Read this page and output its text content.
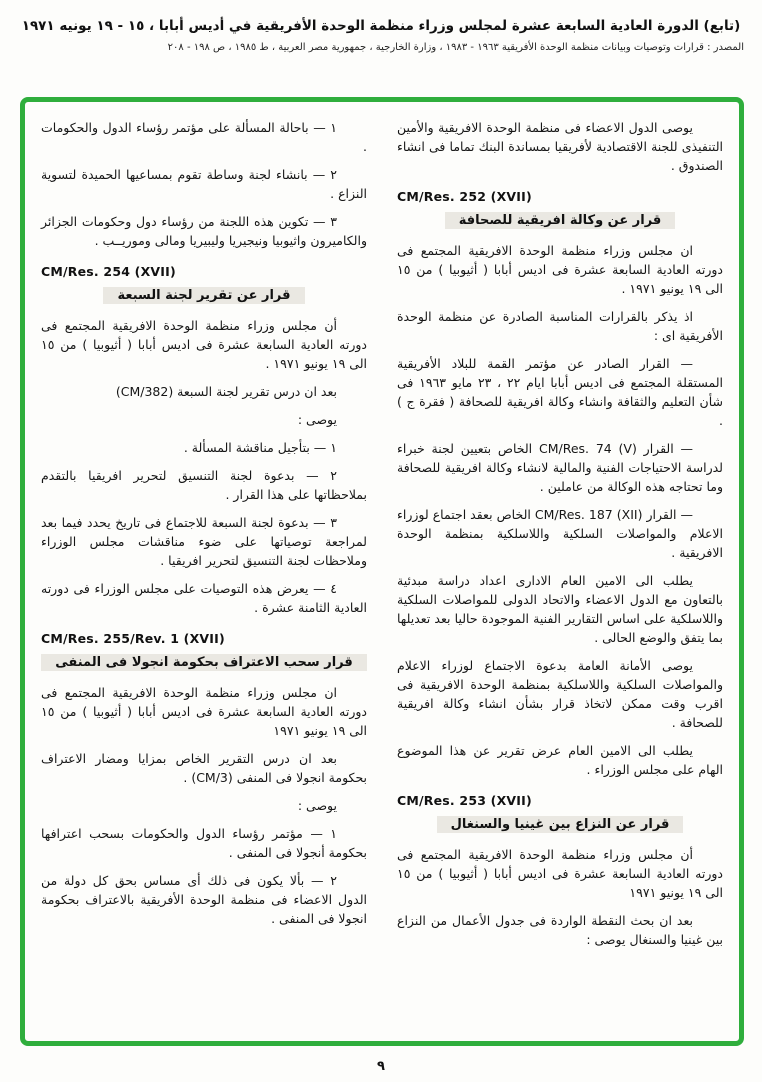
(تابع) الدورة العادية السابعة عشرة لمجلس وزراء منظمة الوحدة الأفريقية في أديس أبابا ، ١٥ - ١٩ يونيه ١٩٧١
المصدر : قرارات وتوصيات وبيانات منظمة الوحدة الأفريقية ١٩٦٣ - ١٩٨٣ ، وزارة الخارجية ، جمهورية مصر العربية ، ط ١٩٨٥ ، ص ١٩٨ - ٢٠٨
يوصى الدول الاعضاء فى منظمة الوحدة الافريقية والأمين التنفيذى للجنة الاقتصادية لأفريقيا بمساندة البنك تماما فى انشاء الصندوق .
CM/Res. 252 (XVII)
قرار عن وكالة افريقية للصحافة
ان مجلس وزراء منظمة الوحدة الافريقية المجتمع فى دورته العادية السابعة عشرة فى اديس أبابا ( أثيوبيا ) من ١٥ الى ١٩ يونيو ١٩٧١ .
اذ يذكر بالقرارات المناسبة الصادرة عن منظمة الوحدة الأفريقية اى :
— القرار الصادر عن مؤتمر القمة للبلاد الأفريقية المستقلة المجتمع فى اديس أبابا ايام ٢٢ ، ٢٣ مايو ١٩٦٣ فى شأن التعليم والثقافة وانشاء وكالة افريقية للصحافة ( فقرة ج ) .
— القرار CM/Res. 74 (V) الخاص بتعيين لجنة خبراء لدراسة الاحتياجات الفنية والمالية لانشاء وكالة افريقية للصحافة وما تحتاجه هذه الوكالة من عاملين .
— القرار CM/Res. 187 (XII) الخاص بعقد اجتماع لوزراء الاعلام والمواصلات السلكية واللاسلكية بمنظمة الوحدة الافريقية .
يطلب الى الامين العام الادارى اعداد دراسة مبدئية بالتعاون مع الدول الاعضاء والاتحاد الدولى للمواصلات السلكية واللاسلكية على اساس التقارير الفنية الموجودة حاليا بعد تعديلها بما يتفق والوضع الحالى .
يوصى الأمانة العامة بدعوة الاجتماع لوزراء الاعلام والمواصلات السلكية واللاسلكية بمنظمة الوحدة الافريقية فى اقرب وقت ممكن لاتخاذ قرار بشأن انشاء وكالة افريقية للصحافة .
يطلب الى الامين العام عرض تقرير عن هذا الموضوع الهام على مجلس الوزراء .
CM/Res. 253 (XVII)
قرار عن النزاع بين غينيا والسنغال
أن مجلس وزراء منظمة الوحدة الافريقية المجتمع فى دورته العادية السابعة عشرة فى اديس أبابا ( أثيوبيا ) من ١٥ الى ١٩ يونيو ١٩٧١
بعد ان بحث النقطة الواردة فى جدول الأعمال من النزاع بين غينيا والسنغال يوصى :
١ — باحالة المسألة على مؤتمر رؤساء الدول والحكومات .
٢ — بانشاء لجنة وساطة تقوم بمساعيها الحميدة لتسوية النزاع .
٣ — تكوين هذه اللجنة من رؤساء دول وحكومات الجزائر والكاميرون واثيوبيا ونيجيريا وليبيريا ومالى وموريــب .
CM/Res. 254 (XVII)
قرار عن تقرير لجنة السبعة
أن مجلس وزراء منظمة الوحدة الافريقية المجتمع فى دورته العادية السابعة عشرة فى اديس أبابا ( أثيوبيا ) من ١٥ الى ١٩ يونيو ١٩٧١ .
بعد ان درس تقرير لجنة السبعة (CM/382)
يوصى :
١ — بتأجيل مناقشة المسألة .
٢ — بدعوة لجنة التنسيق لتحرير افريقيا بالتقدم بملاحظاتها على هذا القرار .
٣ — بدعوة لجنة السبعة للاجتماع فى تاريخ يحدد فيما بعد لمراجعة توصياتها على ضوء مناقشات مجلس الوزراء وملاحظات لجنة التنسيق لتحرير افريقيا .
٤ — يعرض هذه التوصيات على مجلس الوزراء فى دورته العادية الثامنة عشرة .
CM/Res. 255/Rev. 1 (XVII)
قرار سحب الاعتراف بحكومة انجولا فى المنفى
ان مجلس وزراء منظمة الوحدة الافريقية المجتمع فى دورته العادية السابعة عشرة فى اديس أبابا ( أثيوبيا ) من ١٥ الى ١٩ يونيو ١٩٧١
بعد ان درس التقرير الخاص بمزايا ومضار الاعتراف بحكومة انجولا فى المنفى (CM/3) .
يوصى :
١ — مؤتمر رؤساء الدول والحكومات بسحب اعترافها بحكومة أنجولا فى المنفى .
٢ — بألا يكون فى ذلك أى مساس بحق كل دولة من الدول الاعضاء فى منظمة الوحدة الأفريقية بالاعتراف بحكومة انجولا فى المنفى .
٩
